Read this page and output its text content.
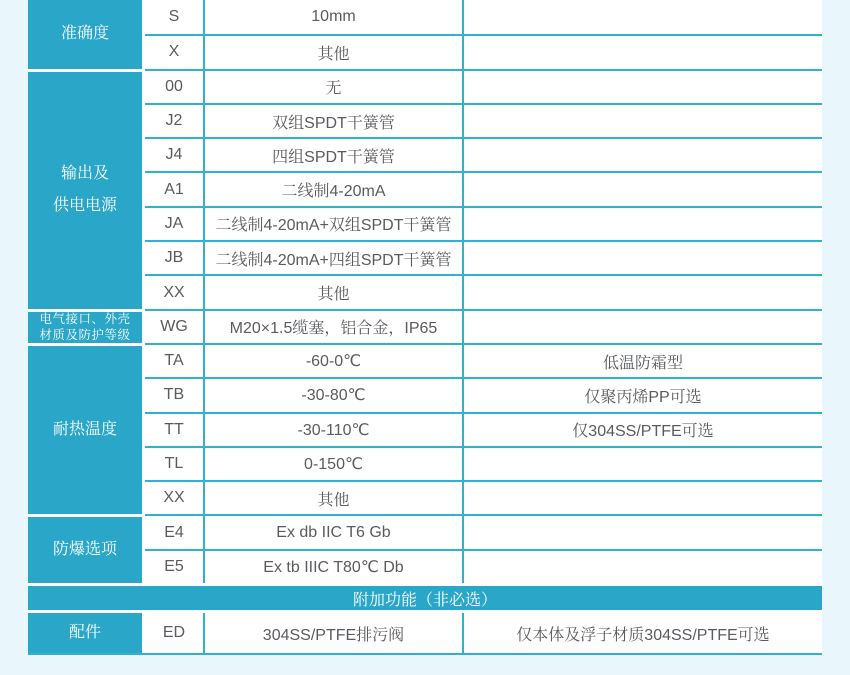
准确度
S	10mm
X	其他
输出及
供电电源
00	无
J2	双组SPDT干簧管
J4	四组SPDT干簧管
A1	二线制4-20mA
JA	二线制4-20mA+双组SPDT干簧管
JB	二线制4-20mA+四组SPDT干簧管
XX	其他
电气接口、外壳
材质及防护等级
WG	M20×1.5缆塞，铝合金，IP65
耐热温度
TA	-60-0℃	低温防霜型
TB	-30-80℃	仅聚丙烯PP可选
TT	-30-110℃	仅304SS/PTFE可选
TL	0-150℃
XX	其他
防爆选项
E4	Ex db IIC T6 Gb
E5	Ex tb IIIC T80℃ Db
附加功能（非必选）
配件	ED	304SS/PTFE排污阀	仅本体及浮子材质304SS/PTFE可选
